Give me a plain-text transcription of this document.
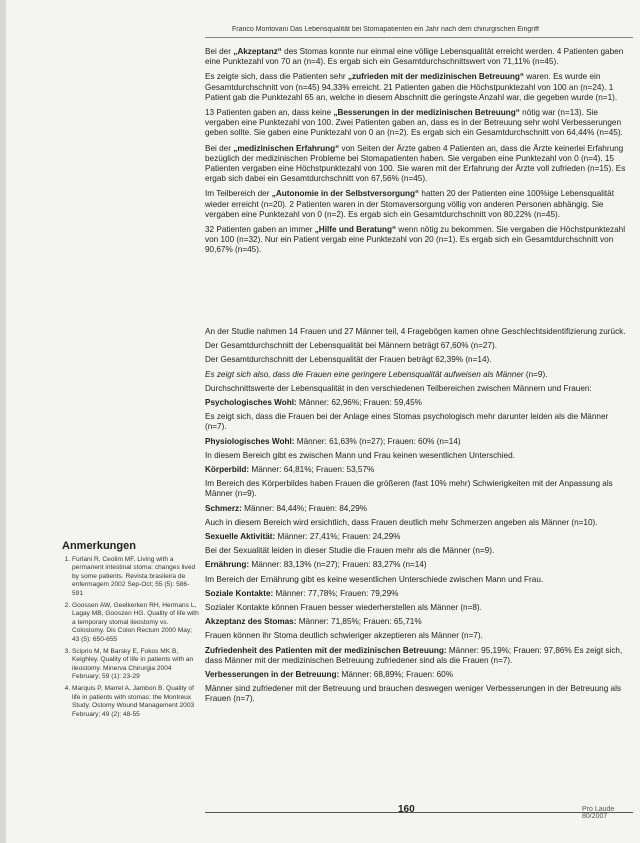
Franco Montovani Das Lebensqualität bei Stomapatienten ein Jahr nach dem chirurgischen Eingriff

Bei der „Akzeptanz“ des Stomas konnte nur einmal eine völlige Lebensqualität erreicht werden. 4 Patienten gaben eine Punktezahl von 70 an (n=4). Es ergab sich ein Gesamtdurchschnittswert von 71,11% (n=45).

Es zeigte sich, dass die Patienten sehr „zufrieden mit der medizinischen Betreuung“ waren. Es wurde ein Gesamtdurchschnitt von (n=45) 94,33% erreicht. 21 Patienten gaben die Höchstpunktezahl von 100 an (n=24). 1 Patient gab die Punktezahl 65 an, welche in diesem Abschnitt die geringste Anzahl war, die gegeben wurde (n=1).

13 Patienten gaben an, dass keine „Besserungen in der medizinischen Betreuung“ nötig war (n=13). Sie vergaben eine Punktezahl von 100. Zwei Patienten gaben an, dass es in der Betreuung sehr wohl Verbesserungen geben sollte. Sie gaben eine Punktezahl von 0 an (n=2). Es ergab sich ein Gesamtdurchschnitt von 64,44% (n=45).

Bei der „medizinischen Erfahrung“ von Seiten der Ärzte gaben 4 Patienten an, dass die Ärzte keinerlei Erfahrung bezüglich der medizinischen Probleme bei Stomapatienten haben. Sie vergaben eine Punktezahl von 0 (n=4). 15 Patienten vergaben eine Höchstpunktezahl von 100. Sie waren mit der Erfahrung der Ärzte voll zufrieden (n=15). Es ergab sich dabei ein Gesamtdurchschnitt von 67,56% (n=45).

Im Teilbereich der „Autonomie in der Selbstversorgung“ hatten 20 der Patienten eine 100%ige Lebensqualität wieder erreicht (n=20). 2 Patienten waren in der Stomaversorgung völlig von anderen Personen abhängig. Sie vergaben eine Punktezahl von 0 (n=2). Es ergab sich ein Gesamtdurchschnitt von 80,22% (n=45).

32 Patienten gaben an immer „Hilfe und Beratung“ wenn nötig zu bekommen. Sie vergaben die Höchstpunktezahl von 100 (n=32). Nur ein Patient vergab eine Punktezahl von 20 (n=1). Es ergab sich ein Gesamtdurchschnitt von 90,67% (n=45).

An der Studie nahmen 14 Frauen und 27 Männer teil, 4 Fragebögen kamen ohne Geschlechtsidentifizierung zurück.

Der Gesamtdurchschnitt der Lebensqualität bei Männern beträgt 67,60% (n=27).

Der Gesamtdurchschnitt der Lebensqualität der Frauen beträgt 62,39% (n=14).

Es zeigt sich also, dass die Frauen eine geringere Lebensqualität aufweisen als Männer (n=9).

Durchschnittswerte der Lebensqualität in den verschiedenen Teilbereichen zwischen Männern und Frauen:

Psychologisches Wohl: Männer: 62,96%; Frauen: 59,45%

Es zeigt sich, dass die Frauen bei der Anlage eines Stomas psychologisch mehr darunter leiden als die Männer (n=7).

Physiologisches Wohl: Männer: 61,63% (n=27); Frauen: 60% (n=14)

In diesem Bereich gibt es zwischen Mann und Frau keinen wesentlichen Unterschied.

Körperbild: Männer: 64,81%; Frauen: 53,57%

Im Bereich des Körperbildes haben Frauen die größeren (fast 10% mehr) Schwierigkeiten mit der Anpassung als Männer (n=9).

Schmerz: Männer: 84,44%; Frauen: 84,29%

Auch in diesem Bereich wird ersichtlich, dass Frauen deutlich mehr Schmerzen angeben als Männer (n=10).

Sexuelle Aktivität: Männer: 27,41%; Frauen: 24,29%

Bei der Sexualität leiden in dieser Studie die Frauen mehr als die Männer (n=9).

Ernährung: Männer: 83,13% (n=27); Frauen: 83,27% (n=14)

Im Bereich der Ernährung gibt es keine wesentlichen Unterschiede zwischen Mann und Frau.

Soziale Kontakte: Männer: 77,78%; Frauen: 79,29%

Sozialer Kontakte können Frauen besser wiederherstellen als Männer (n=8).

Akzeptanz des Stomas: Männer: 71,85%; Frauen: 65,71%

Frauen können ihr Stoma deutlich schwieriger akzeptieren als Männer (n=7).

Zufriedenheit des Patienten mit der medizinischen Betreuung: Männer: 95,19%; Frauen: 97,86% Es zeigt sich, dass Männer mit der medizinischen Betreuung zufriedener sind als die Frauen (n=7).

Verbesserungen in der Betreuung: Männer: 68,89%; Frauen: 60%

Männer sind zufriedener mit der Betreuung und brauchen deswegen weniger Verbesserungen in der Betreuung als Frauen (n=7).

Anmerkungen
1. Furlani R, Ceolim MF. Living with a permanent intestinal stoma: changes lived by some patients. Revista brasileira de enfermagem 2002 Sep-Oct; 55 (5): 586-591
2. Goossen AW, Geelkerken RH, Hermans L, Lagay MB, Gooszen HG. Quality of life with a temporary stomal ileostomy vs. Colostomy. Dis Colon Rectum 2000 May; 43 (5): 650-655
3. Sciprio M, M Barsky E, Fokos MK B, Keighley. Quality of life in patients with an ileostomy. Minerva Chirurgia 2004 February; 59 (1): 23-29
4. Marquis P, Marrel A, Jambon B. Quality of life in patients with stomas: the Montreux Study. Ostomy Wound Management 2003 February; 49 (2): 48-55
160	Pro Laude 80/2007
